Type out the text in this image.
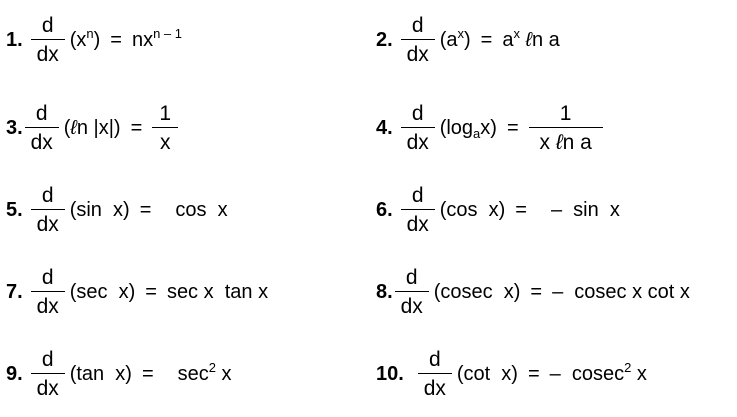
1. $\frac{d}{dx} (x^n) = nx^{n - 1}$	2. $\frac{d}{dx} (a^x) = a^x$ ℓn a
3. $\frac{d}{dx}$ (ℓn $|x|) = \frac{1}{x}$	4. $\frac{d}{dx} (\log_ax) = \frac{1}{\text{x ℓn a}}$
5. $\frac{d}{dx} (\sin$  x) = cos  x	6. $\frac{d}{dx} (\cos$  x) = –  sin  x
7. $\frac{d}{dx} (\sec$  x) = sec x  tan x	8. $\frac{d}{dx} (cosec$  x) = –  cosec x cot x
9. $\frac{d}{dx} (\tan$  $x) = \sec^2 x$	10. $\frac{d}{dx} (\cot$  x) = –  cosec$^2$ x
